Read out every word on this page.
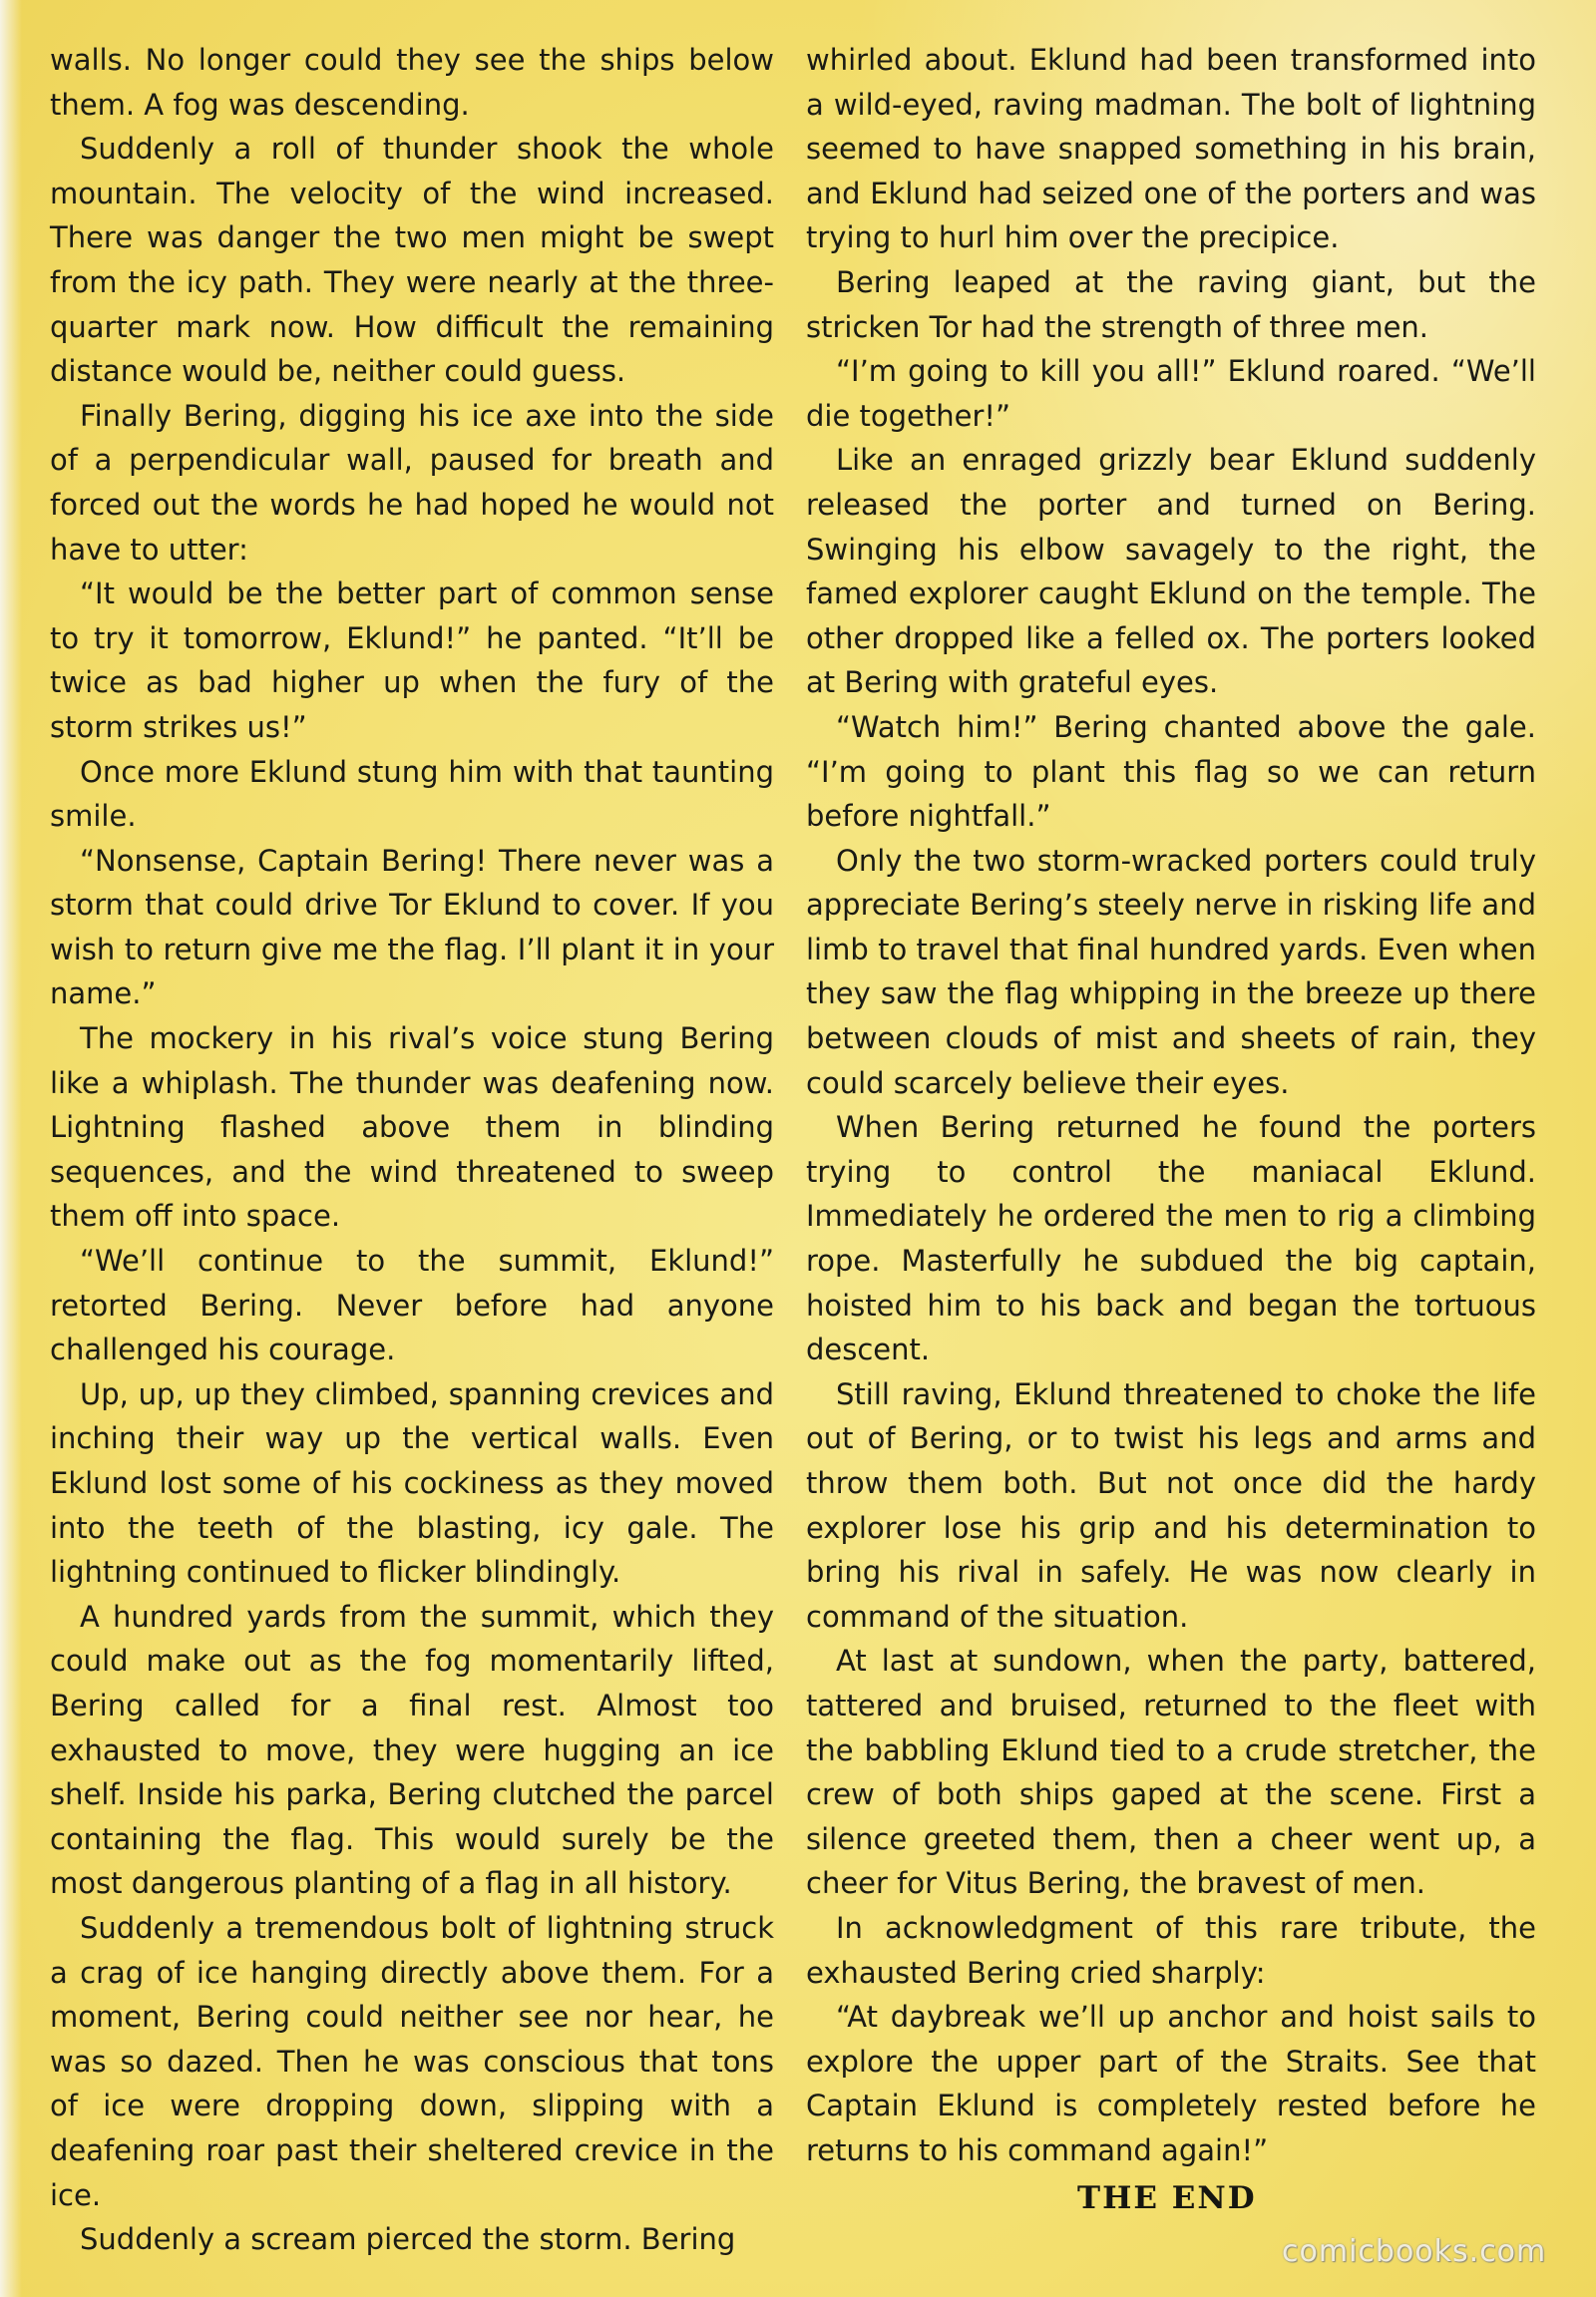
walls. No longer could they see the ships below them. A fog was descending.

Suddenly a roll of thunder shook the whole mountain. The velocity of the wind increased. There was danger the two men might be swept from the icy path. They were nearly at the three-quarter mark now. How difficult the remaining distance would be, neither could guess.

Finally Bering, digging his ice axe into the side of a perpendicular wall, paused for breath and forced out the words he had hoped he would not have to utter:

“It would be the better part of common sense to try it tomorrow, Eklund!” he panted. “It’ll be twice as bad higher up when the fury of the storm strikes us!”

Once more Eklund stung him with that taunting smile.

“Nonsense, Captain Bering! There never was a storm that could drive Tor Eklund to cover. If you wish to return give me the flag. I’ll plant it in your name.”

The mockery in his rival’s voice stung Bering like a whiplash. The thunder was deafening now. Lightning flashed above them in blinding sequences, and the wind threatened to sweep them off into space.

“We’ll continue to the summit, Eklund!” retorted Bering. Never before had anyone challenged his courage.

Up, up, up they climbed, spanning crevices and inching their way up the vertical walls. Even Eklund lost some of his cockiness as they moved into the teeth of the blasting, icy gale. The lightning continued to flicker blindingly.

A hundred yards from the summit, which they could make out as the fog momentarily lifted, Bering called for a final rest. Almost too exhausted to move, they were hugging an ice shelf. Inside his parka, Bering clutched the parcel containing the flag. This would surely be the most dangerous planting of a flag in all history.

Suddenly a tremendous bolt of lightning struck a crag of ice hanging directly above them. For a moment, Bering could neither see nor hear, he was so dazed. Then he was conscious that tons of ice were dropping down, slipping with a deafening roar past their sheltered crevice in the ice.

Suddenly a scream pierced the storm. Bering

whirled about. Eklund had been transformed into a wild-eyed, raving madman. The bolt of lightning seemed to have snapped something in his brain, and Eklund had seized one of the porters and was trying to hurl him over the precipice.

Bering leaped at the raving giant, but the stricken Tor had the strength of three men.

“I’m going to kill you all!” Eklund roared. “We’ll die together!”

Like an enraged grizzly bear Eklund suddenly released the porter and turned on Bering. Swinging his elbow savagely to the right, the famed explorer caught Eklund on the temple. The other dropped like a felled ox. The porters looked at Bering with grateful eyes.

“Watch him!” Bering chanted above the gale. “I’m going to plant this flag so we can return before nightfall.”

Only the two storm-wracked porters could truly appreciate Bering’s steely nerve in risking life and limb to travel that final hundred yards. Even when they saw the flag whipping in the breeze up there between clouds of mist and sheets of rain, they could scarcely believe their eyes.

When Bering returned he found the porters trying to control the maniacal Eklund. Immediately he ordered the men to rig a climbing rope. Masterfully he subdued the big captain, hoisted him to his back and began the tortuous descent.

Still raving, Eklund threatened to choke the life out of Bering, or to twist his legs and arms and throw them both. But not once did the hardy explorer lose his grip and his determination to bring his rival in safely. He was now clearly in command of the situation.

At last at sundown, when the party, battered, tattered and bruised, returned to the fleet with the babbling Eklund tied to a crude stretcher, the crew of both ships gaped at the scene. First a silence greeted them, then a cheer went up, a cheer for Vitus Bering, the bravest of men.

In acknowledgment of this rare tribute, the exhausted Bering cried sharply:

“At daybreak we’ll up anchor and hoist sails to explore the upper part of the Straits. See that Captain Eklund is completely rested before he returns to his command again!”

THE END
comicbooks.com
